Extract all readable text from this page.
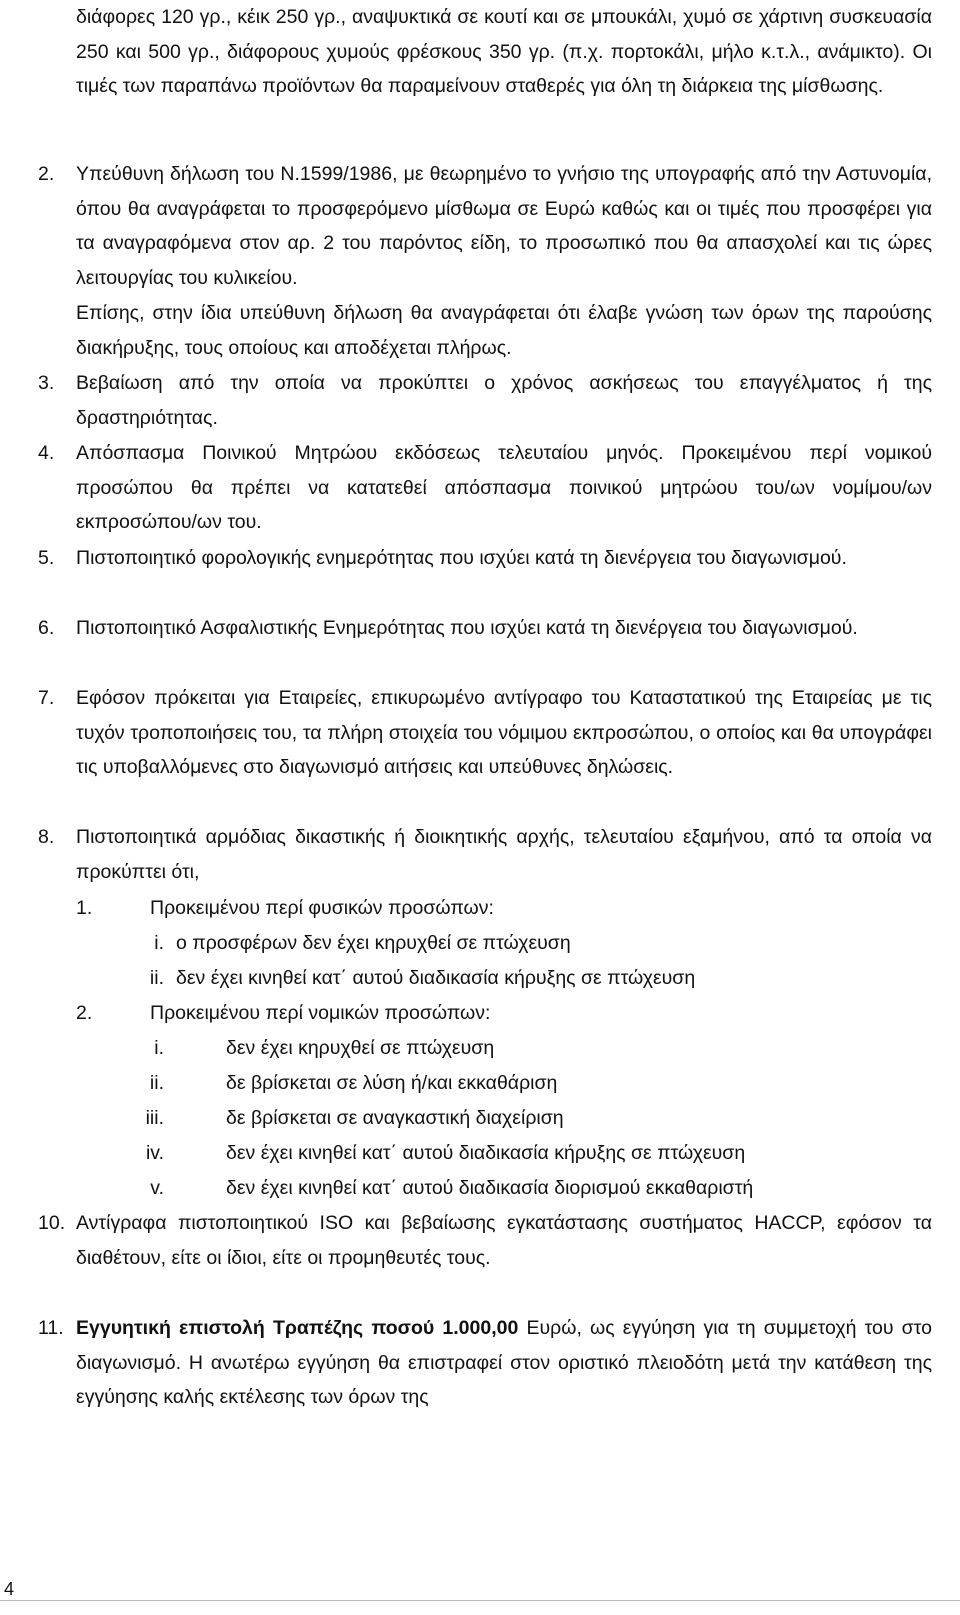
διάφορες 120 γρ., κέικ 250 γρ., αναψυκτικά σε κουτί και σε μπουκάλι, χυμό σε χάρτινη συσκευασία 250 και 500 γρ., διάφορους χυμούς φρέσκους 350 γρ. (π.χ. πορτοκάλι, μήλο κ.τ.λ., ανάμικτο). Οι τιμές των παραπάνω προϊόντων θα παραμείνουν σταθερές για όλη τη διάρκεια της μίσθωσης.

2. Υπεύθυνη δήλωση του Ν.1599/1986, με θεωρημένο το γνήσιο της υπογραφής από την Αστυνομία, όπου θα αναγράφεται το προσφερόμενο μίσθωμα σε Ευρώ καθώς και οι τιμές που προσφέρει για τα αναγραφόμενα στον αρ. 2 του παρόντος είδη, το προσωπικό που θα απασχολεί και τις ώρες λειτουργίας του κυλικείου.

Επίσης, στην ίδια υπεύθυνη δήλωση θα αναγράφεται ότι έλαβε γνώση των όρων της παρούσης διακήρυξης, τους οποίους και αποδέχεται πλήρως.

3. Βεβαίωση από την οποία να προκύπτει ο χρόνος ασκήσεως του επαγγέλματος ή της δραστηριότητας.

4. Απόσπασμα Ποινικού Μητρώου εκδόσεως τελευταίου μηνός. Προκειμένου περί νομικού προσώπου θα πρέπει να κατατεθεί απόσπασμα ποινικού μητρώου του/ων νομίμου/ων εκπροσώπου/ων του.

5. Πιστοποιητικό φορολογικής ενημερότητας που ισχύει κατά τη διενέργεια του διαγωνισμού.

6. Πιστοποιητικό Ασφαλιστικής Ενημερότητας που ισχύει κατά τη διενέργεια του διαγωνισμού.

7. Εφόσον πρόκειται για Εταιρείες, επικυρωμένο αντίγραφο του Καταστατικού της Εταιρείας με τις τυχόν τροποποιήσεις του, τα πλήρη στοιχεία του νόμιμου εκπροσώπου, ο οποίος και θα υπογράφει τις υποβαλλόμενες στο διαγωνισμό αιτήσεις και υπεύθυνες δηλώσεις.

8. Πιστοποιητικά αρμόδιας δικαστικής ή διοικητικής αρχής, τελευταίου εξαμήνου, από τα οποία να προκύπτει ότι,

1.	Προκειμένου περί φυσικών προσώπων:
i. ο προσφέρων δεν έχει κηρυχθεί σε πτώχευση
ii. δεν έχει κινηθεί κατ΄ αυτού διαδικασία κήρυξης σε πτώχευση
2.	Προκειμένου περί νομικών προσώπων:
i.	δεν έχει κηρυχθεί σε πτώχευση
ii.	δε βρίσκεται σε λύση ή/και εκκαθάριση
iii.	δε βρίσκεται σε αναγκαστική διαχείριση
iv.	δεν έχει κινηθεί κατ΄ αυτού διαδικασία κήρυξης σε πτώχευση
v.	δεν έχει κινηθεί κατ΄ αυτού διαδικασία διορισμού εκκαθαριστή
10. Αντίγραφα πιστοποιητικού ISO και βεβαίωσης εγκατάστασης συστήματος HACCP, εφόσον τα διαθέτουν, είτε οι ίδιοι, είτε οι προμηθευτές τους.

11. Εγγυητική επιστολή Τραπέζης ποσού 1.000,00 Ευρώ, ως εγγύηση για τη συμμετοχή του στο διαγωνισμό. Η ανωτέρω εγγύηση θα επιστραφεί στον οριστικό πλειοδότη μετά την κατάθεση της εγγύησης καλής εκτέλεσης των όρων της

4
